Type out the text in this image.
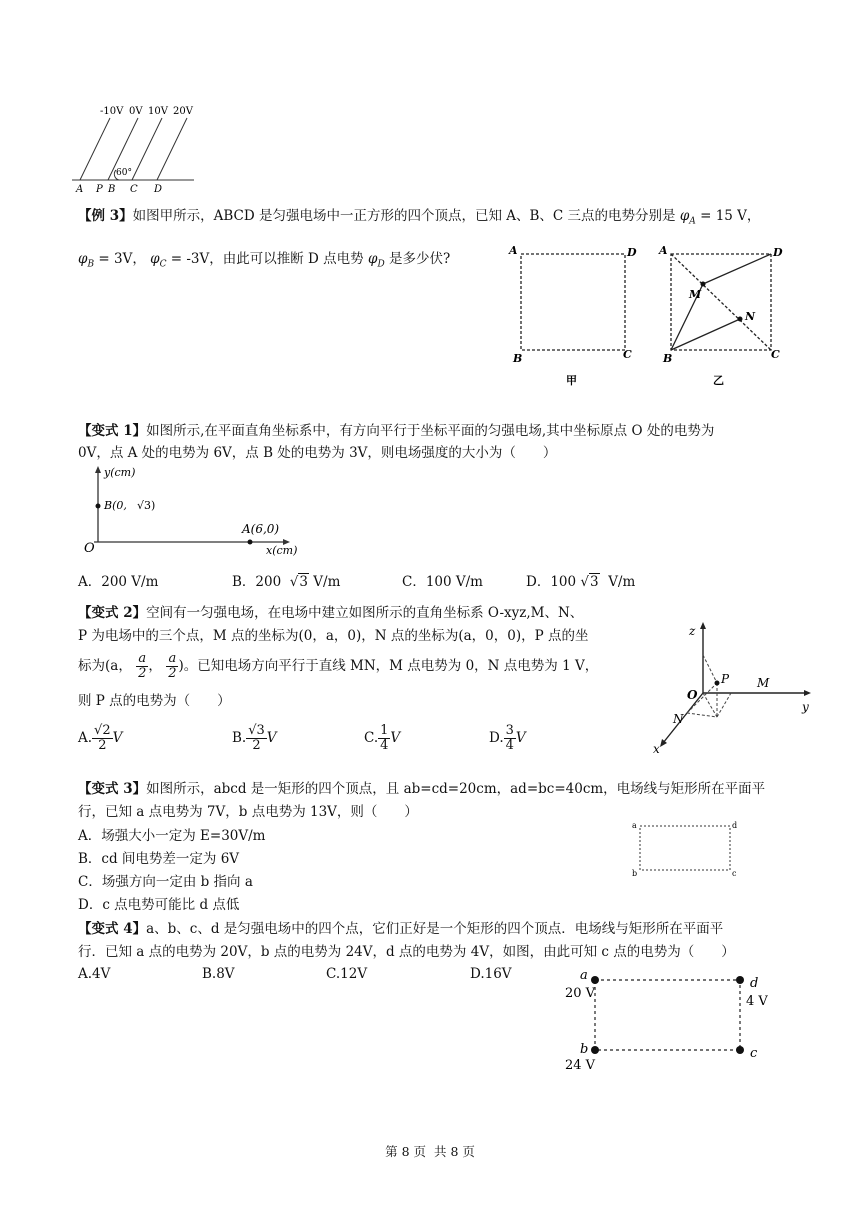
-10V 0V 10V 20V
60°
A P B C D
【例 3】如图甲所示，ABCD 是匀强电场中一正方形的四个顶点，已知 A、B、C 三点的电势分别是 $\varphi_A = 15$ V，
$\varphi_B = 3V$， $\varphi_C = -3V$，由此可以推断 D 点电势 $\varphi_D$ 是多少伏?
A	D
B	C
甲
A	D
M
N
B	C
乙
【变式 1】如图所示,在平面直角坐标系中，有方向平行于坐标平面的匀强电场,其中坐标原点 O 处的电势为
0V，点 A 处的电势为 6V，点 B 处的电势为 3V，则电场强度的大小为（　　）
y(cm)
B(0, √ 3)
A(6,0)
O	x(cm)
A．200 V/m	B．200 √3 V/m	C．100 V/m	D．100 √3 V/m
【变式 2】空间有一匀强电场，在电场中建立如图所示的直角坐标系 O-xyz,M、N、
P 为电场中的三个点，M 点的坐标为(0，a，0)，N 点的坐标为(a，0，0)，P 点的坐
标为(a， $\frac{a}{2}$ ， $\frac{a}{2}$ )。已知电场方向平行于直线 MN，M 点电势为 0，N 点电势为 1 V，
则 P 点的电势为（　　）
A. $\frac{√2}{2}$ V	B. $\frac{√3}{2}$ V	C. $\frac{1}{4}$ V	D. $\frac{3}{4}$ V
z
y
x
O
P M
N
【变式 3】如图所示，abcd 是一矩形的四个顶点，且 ab=cd=20cm，ad=bc=40cm，电场线与矩形所在平面平
行，已知 a 点电势为 7V，b 点电势为 13V，则（　　）
A．场强大小一定为 E=30V/m
B．cd 间电势差一定为 6V
C．场强方向一定由 b 指向 a
D．c 点电势可能比 d 点低
a	d
b	c
【变式 4】a、b、c、d 是匀强电场中的四个点，它们正好是一个矩形的四个顶点．电场线与矩形所在平面平
行．已知 a 点的电势为 20V，b 点的电势为 24V，d 点的电势为 4V，如图，由此可知 c 点的电势为（　　）
A.4V	B.8V	C.12V	D.16V	a
20 V
d
4 V
b
24 V
c
第 8 页  共 8 页
